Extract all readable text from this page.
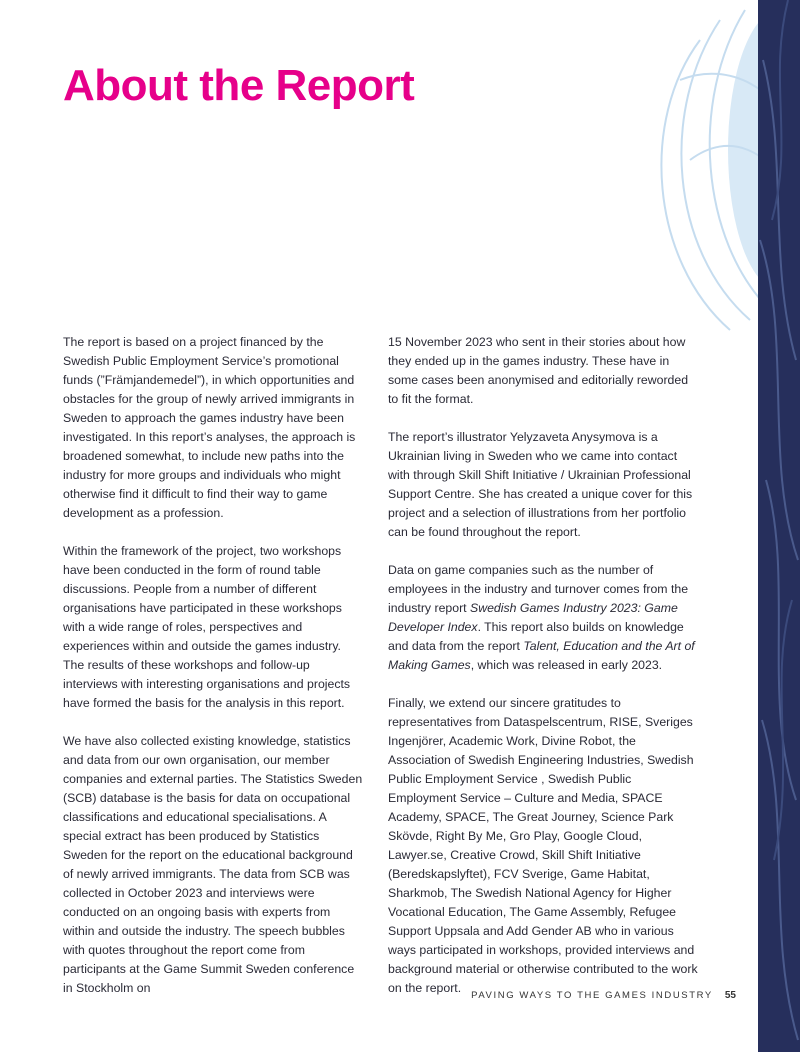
About the Report

The report is based on a project financed by the Swedish Public Employment Service’s promotional funds (”Främjandemedel”), in which opportunities and obstacles for the group of newly arrived immigrants in Sweden to approach the games industry have been investigated. In this report’s analyses, the approach is broadened somewhat, to include new paths into the industry for more groups and individuals who might otherwise find it difficult to find their way to game development as a profession.

Within the framework of the project, two workshops have been conducted in the form of round table discussions. People from a number of different organisations have participated in these workshops with a wide range of roles, perspectives and experiences within and outside the games industry. The results of these workshops and follow-up interviews with interesting organisations and projects have formed the basis for the analysis in this report.

We have also collected existing knowledge, statistics and data from our own organisation, our member companies and external parties. The Statistics Sweden (SCB) database is the basis for data on occupational classifications and educational specialisations. A special extract has been produced by Statistics Sweden for the report on the educational background of newly arrived immigrants. The data from SCB was collected in October 2023 and interviews were conducted on an ongoing basis with experts from within and outside the industry. The speech bubbles with quotes throughout the report come from participants at the Game Summit Sweden conference in Stockholm on

15 November 2023 who sent in their stories about how they ended up in the games industry. These have in some cases been anonymised and editorially reworded to fit the format.

The report’s illustrator Yelyzaveta Anysymova is a Ukrainian living in Sweden who we came into contact with through Skill Shift Initiative / Ukrainian Professional Support Centre. She has created a unique cover for this project and a selection of illustrations from her portfolio can be found throughout the report.

Data on game companies such as the number of employees in the industry and turnover comes from the industry report Swedish Games Industry 2023: Game Developer Index. This report also builds on knowledge and data from the report Talent, Education and the Art of Making Games, which was released in early 2023.

Finally, we extend our sincere gratitudes to representatives from Dataspelscentrum, RISE, Sveriges Ingenjörer, Academic Work, Divine Robot, the Association of Swedish Engineering Industries, Swedish Public Employment Service , Swedish Public Employment Service – Culture and Media, SPACE Academy, SPACE, The Great Journey, Science Park Skövde, Right By Me, Gro Play, Google Cloud, Lawyer.se, Creative Crowd, Skill Shift Initiative (Beredskapslyftet), FCV Sverige, Game Habitat, Sharkmob, The Swedish National Agency for Higher Vocational Education, The Game Assembly, Refugee Support Uppsala and Add Gender AB who in various ways participated in workshops, provided interviews and background material or otherwise contributed to the work on the report.

PAVING WAYS TO THE GAMES INDUSTRY 55
